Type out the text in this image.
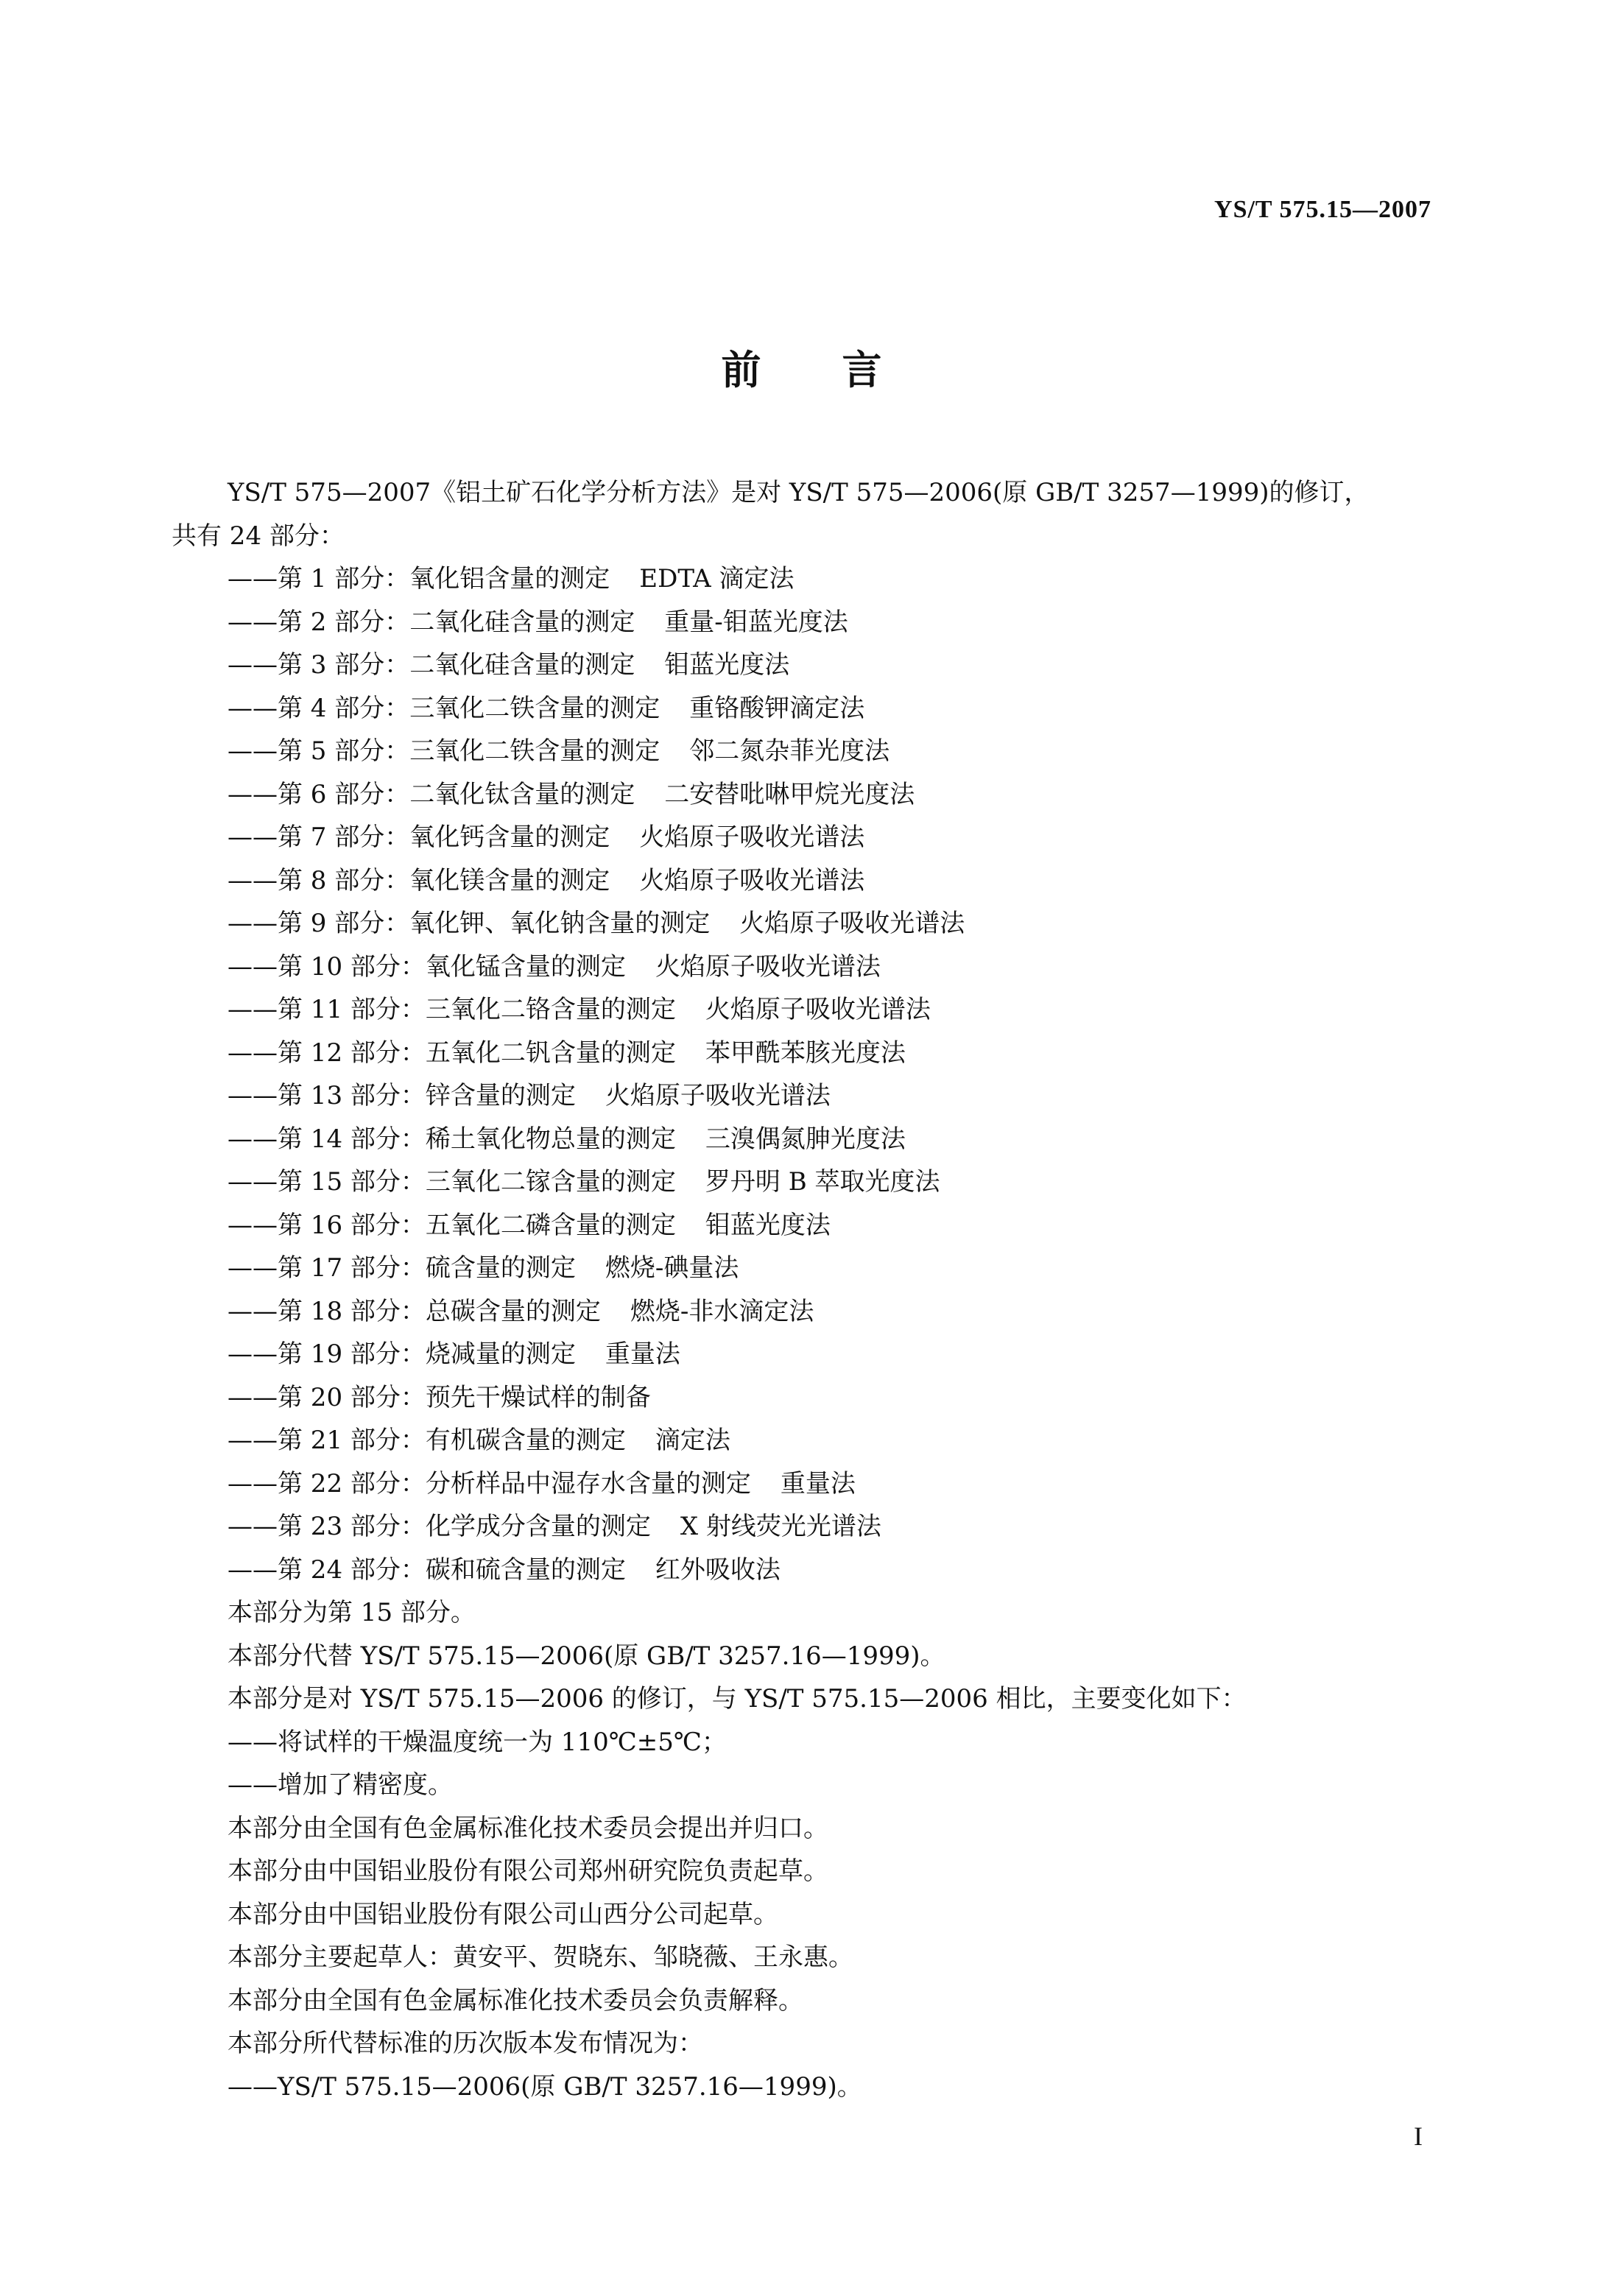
YS/T 575.15—2007
前言
YS/T 575—2007《铝土矿石化学分析方法》是对 YS/T 575—2006(原 GB/T 3257—1999)的修订，
共有 24 部分：
——第 1 部分：氧化铝含量的测定 EDTA 滴定法
——第 2 部分：二氧化硅含量的测定 重量-钼蓝光度法
——第 3 部分：二氧化硅含量的测定 钼蓝光度法
——第 4 部分：三氧化二铁含量的测定 重铬酸钾滴定法
——第 5 部分：三氧化二铁含量的测定 邻二氮杂菲光度法
——第 6 部分：二氧化钛含量的测定 二安替吡啉甲烷光度法
——第 7 部分：氧化钙含量的测定 火焰原子吸收光谱法
——第 8 部分：氧化镁含量的测定 火焰原子吸收光谱法
——第 9 部分：氧化钾、氧化钠含量的测定 火焰原子吸收光谱法
——第 10 部分：氧化锰含量的测定 火焰原子吸收光谱法
——第 11 部分：三氧化二铬含量的测定 火焰原子吸收光谱法
——第 12 部分：五氧化二钒含量的测定 苯甲酰苯胲光度法
——第 13 部分：锌含量的测定 火焰原子吸收光谱法
——第 14 部分：稀土氧化物总量的测定 三溴偶氮胂光度法
——第 15 部分：三氧化二镓含量的测定 罗丹明 B 萃取光度法
——第 16 部分：五氧化二磷含量的测定 钼蓝光度法
——第 17 部分：硫含量的测定 燃烧-碘量法
——第 18 部分：总碳含量的测定 燃烧-非水滴定法
——第 19 部分：烧减量的测定 重量法
——第 20 部分：预先干燥试样的制备
——第 21 部分：有机碳含量的测定 滴定法
——第 22 部分：分析样品中湿存水含量的测定 重量法
——第 23 部分：化学成分含量的测定 X 射线荧光光谱法
——第 24 部分：碳和硫含量的测定 红外吸收法
本部分为第 15 部分。
本部分代替 YS/T 575.15—2006(原 GB/T 3257.16—1999)。
本部分是对 YS/T 575.15—2006 的修订，与 YS/T 575.15—2006 相比，主要变化如下：
——将试样的干燥温度统一为 110℃±5℃；
——增加了精密度。
本部分由全国有色金属标准化技术委员会提出并归口。
本部分由中国铝业股份有限公司郑州研究院负责起草。
本部分由中国铝业股份有限公司山西分公司起草。
本部分主要起草人：黄安平、贺晓东、邹晓薇、王永惠。
本部分由全国有色金属标准化技术委员会负责解释。
本部分所代替标准的历次版本发布情况为：
——YS/T 575.15—2006(原 GB/T 3257.16—1999)。
I
